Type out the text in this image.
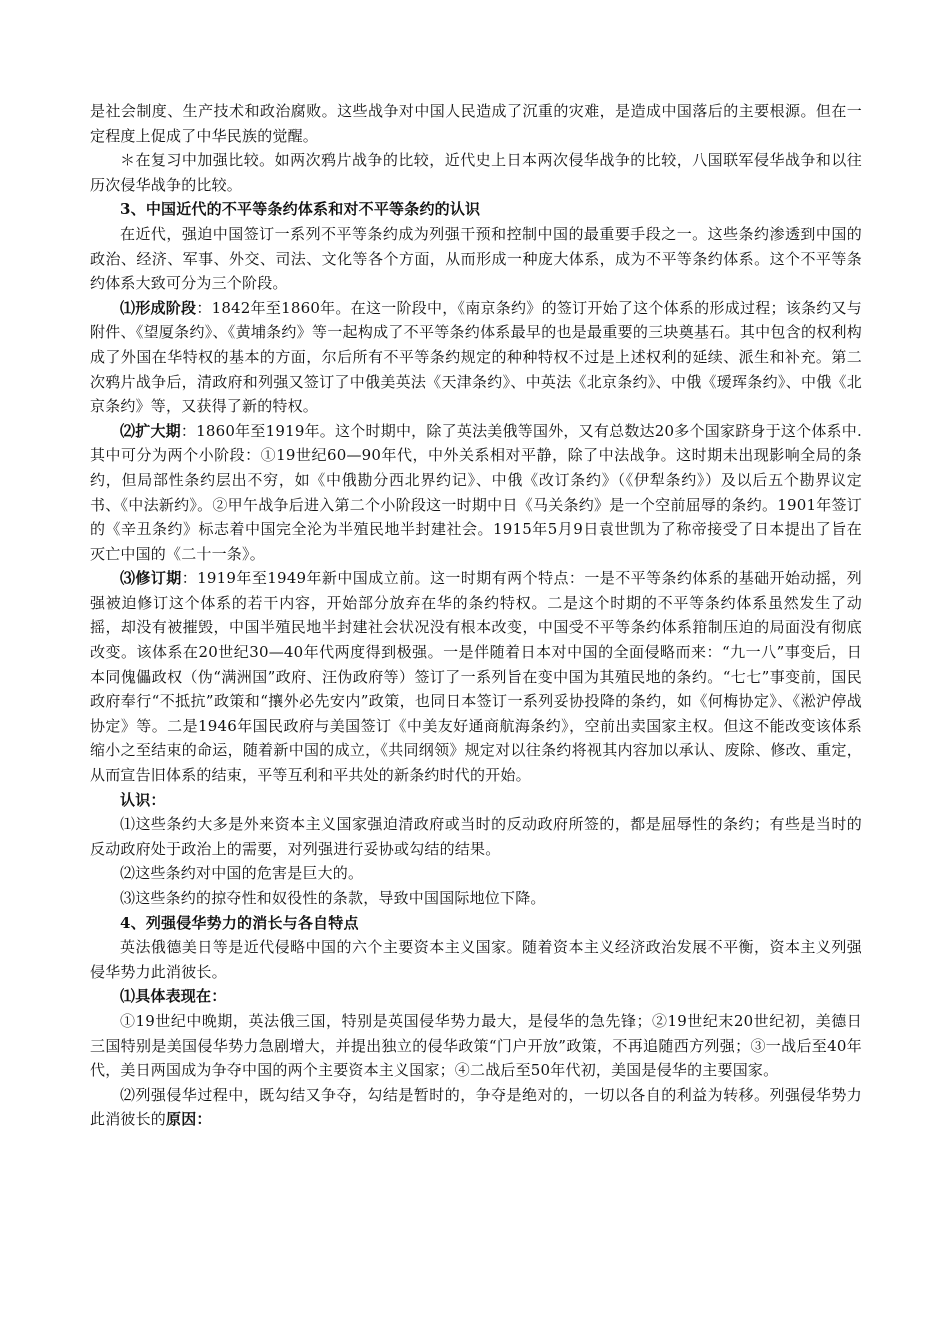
是社会制度、生产技术和政治腐败。这些战争对中国人民造成了沉重的灾难，是造成中国落后的主要根源。但在一定程度上促成了中华民族的觉醒。

＊在复习中加强比较。如两次鸦片战争的比较，近代史上日本两次侵华战争的比较，八国联军侵华战争和以往历次侵华战争的比较。

3、中国近代的不平等条约体系和对不平等条约的认识

在近代，强迫中国签订一系列不平等条约成为列强干预和控制中国的最重要手段之一。这些条约渗透到中国的政治、经济、军事、外交、司法、文化等各个方面，从而形成一种庞大体系，成为不平等条约体系。这个不平等条约体系大致可分为三个阶段。

⑴形成阶段：1842年至1860年。在这一阶段中，《南京条约》的签订开始了这个体系的形成过程；该条约又与附件、《望厦条约》、《黄埔条约》等一起构成了不平等条约体系最早的也是最重要的三块奠基石。其中包含的权利构成了外国在华特权的基本的方面，尔后所有不平等条约规定的种种特权不过是上述权利的延续、派生和补充。第二次鸦片战争后，清政府和列强又签订了中俄美英法《天津条约》、中英法《北京条约》、中俄《瑷珲条约》、中俄《北京条约》等，又获得了新的特权。

⑵扩大期：1860年至1919年。这个时期中，除了英法美俄等国外，又有总数达20多个国家跻身于这个体系中.其中可分为两个小阶段：①19世纪60—90年代，中外关系相对平静，除了中法战争。这时期未出现影响全局的条约，但局部性条约层出不穷，如《中俄勘分西北界约记》、中俄《改订条约》（《伊犁条约》）及以后五个勘界议定书、《中法新约》。②甲午战争后进入第二个小阶段这一时期中日《马关条约》是一个空前屈辱的条约。1901年签订的《辛丑条约》标志着中国完全沦为半殖民地半封建社会。1915年5月9日袁世凯为了称帝接受了日本提出了旨在灭亡中国的《二十一条》。

⑶修订期：1919年至1949年新中国成立前。这一时期有两个特点：一是不平等条约体系的基础开始动摇，列强被迫修订这个体系的若干内容，开始部分放弃在华的条约特权。二是这个时期的不平等条约体系虽然发生了动摇，却没有被摧毁，中国半殖民地半封建社会状况没有根本改变，中国受不平等条约体系箝制压迫的局面没有彻底改变。该体系在20世纪30—40年代两度得到极强。一是伴随着日本对中国的全面侵略而来：“九一八”事变后，日本同傀儡政权（伪“满洲国”政府、汪伪政府等）签订了一系列旨在变中国为其殖民地的条约。“七七”事变前，国民政府奉行“不抵抗”政策和“攘外必先安内”政策，也同日本签订一系列妥协投降的条约，如《何梅协定》、《淞沪停战协定》等。二是1946年国民政府与美国签订《中美友好通商航海条约》，空前出卖国家主权。但这不能改变该体系缩小之至结束的命运，随着新中国的成立，《共同纲领》规定对以往条约将视其内容加以承认、废除、修改、重定，从而宣告旧体系的结束，平等互利和平共处的新条约时代的开始。

认识：

⑴这些条约大多是外来资本主义国家强迫清政府或当时的反动政府所签的，都是屈辱性的条约；有些是当时的反动政府处于政治上的需要，对列强进行妥协或勾结的结果。

⑵这些条约对中国的危害是巨大的。

⑶这些条约的掠夺性和奴役性的条款，导致中国国际地位下降。

4、列强侵华势力的消长与各自特点

英法俄德美日等是近代侵略中国的六个主要资本主义国家。随着资本主义经济政治发展不平衡，资本主义列强侵华势力此消彼长。

⑴具体表现在：

①19世纪中晚期，英法俄三国，特别是英国侵华势力最大，是侵华的急先锋；②19世纪末20世纪初，美德日三国特别是美国侵华势力急剧增大，并提出独立的侵华政策“门户开放”政策，不再追随西方列强；③一战后至40年代，美日两国成为争夺中国的两个主要资本主义国家；④二战后至50年代初，美国是侵华的主要国家。

⑵列强侵华过程中，既勾结又争夺，勾结是暂时的，争夺是绝对的，一切以各自的利益为转移。列强侵华势力此消彼长的原因：
